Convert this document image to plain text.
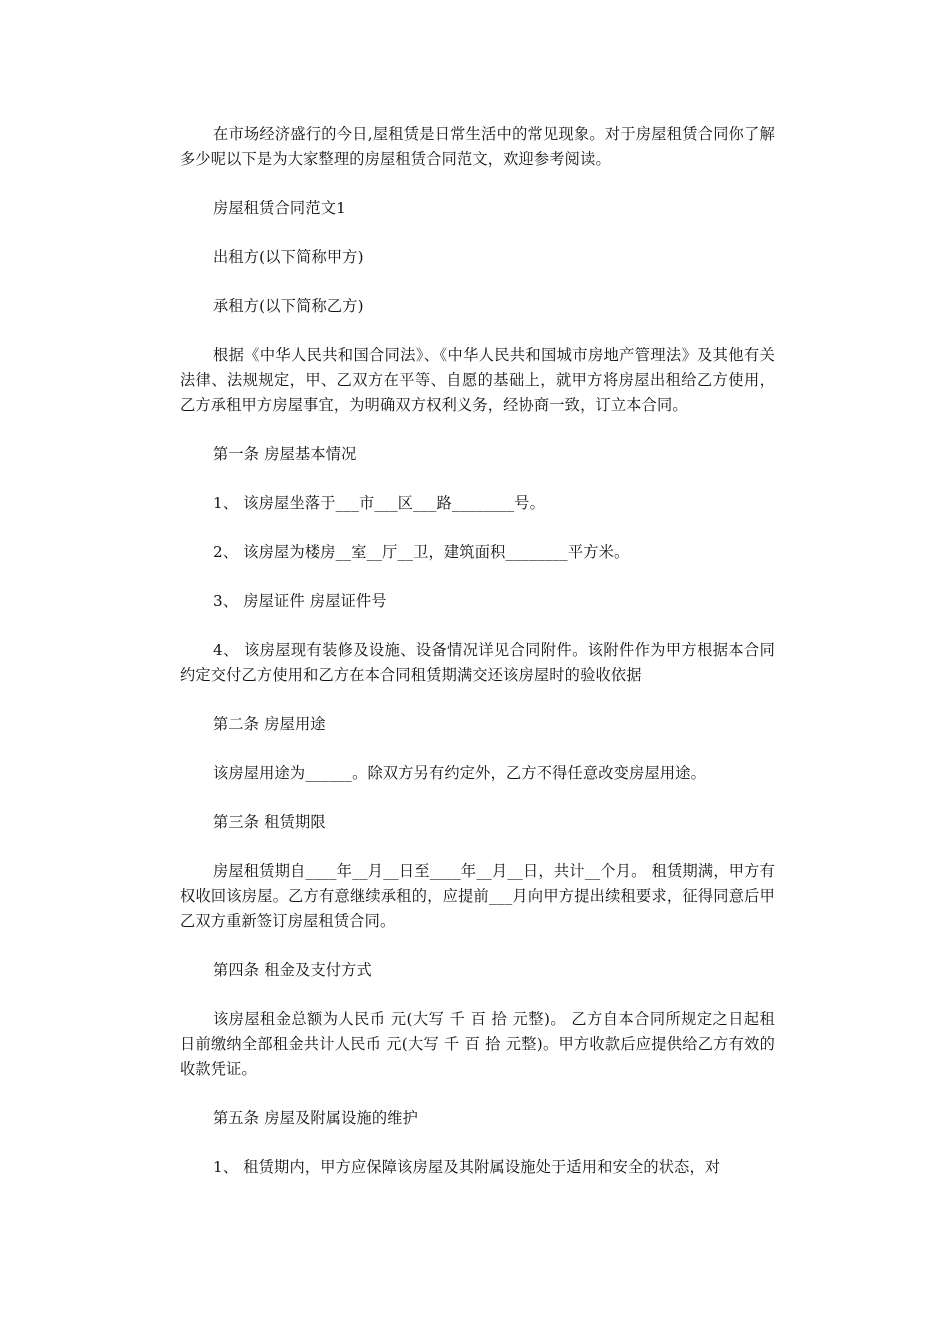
在市场经济盛行的今日,屋租赁是日常生活中的常见现象。对于房屋租赁合同你了解多少呢以下是为大家整理的房屋租赁合同范文，欢迎参考阅读。

房屋租赁合同范文1

出租方(以下简称甲方)

承租方(以下简称乙方)

根据《中华人民共和国合同法》、《中华人民共和国城市房地产管理法》及其他有关法律、法规规定，甲、乙双方在平等、自愿的基础上，就甲方将房屋出租给乙方使用，乙方承租甲方房屋事宜，为明确双方权利义务，经协商一致，订立本合同。

第一条 房屋基本情况

1、 该房屋坐落于___市___区___路________号。

2、 该房屋为楼房__室__厅__卫，建筑面积________平方米。

3、 房屋证件 房屋证件号

4、 该房屋现有装修及设施、设备情况详见合同附件。该附件作为甲方根据本合同约定交付乙方使用和乙方在本合同租赁期满交还该房屋时的验收依据

第二条 房屋用途

该房屋用途为______。除双方另有约定外，乙方不得任意改变房屋用途。

第三条 租赁期限

房屋租赁期自____年__月__日至____年__月__日，共计__个月。 租赁期满，甲方有权收回该房屋。乙方有意继续承租的，应提前___月向甲方提出续租要求，征得同意后甲乙双方重新签订房屋租赁合同。

第四条 租金及支付方式

该房屋租金总额为人民币 元(大写 千 百 拾 元整)。 乙方自本合同所规定之日起租日前缴纳全部租金共计人民币 元(大写 千 百 拾 元整)。甲方收款后应提供给乙方有效的收款凭证。

第五条 房屋及附属设施的维护

1、 租赁期内，甲方应保障该房屋及其附属设施处于适用和安全的状态，对
